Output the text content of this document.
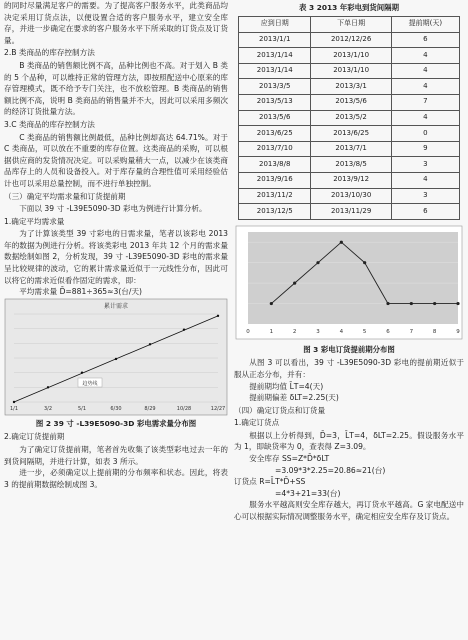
的同时尽量满足客户的需要。为了提高客户服务水平，此类商品均决定采用订货点法，以便设置合适的客户服务水平，建立安全库存，并进一步确定在要求的客户服务水平下所采取的订货点及订货量。

2.B 类商品的库存控制方法

B 类商品的销售额比例不高，品种比例也不高。对于划入 B 类的 5 个品种，可以维持正常的管理方法，即按照配送中心原来的库存管理模式，既不给予专门关注，也不放松管理。B 类商品的销售额比例不高，说明 B 类商品的销售量并不大，因此可以采用多频次的经济订货批量方法。

3.C 类商品的库存控制方法

C 类商品的销售额比例最低，品种比例却高达 64.71%。对于 C 类商品，可以放在不重要的库存位置。这类商品的采购，可以根据供应商的发货情况决定。可以采购量稍大一点，以减少在该类商品库存上的人员和设备投入。对于库存量的合理性值可采用经验估计也可以采用总量控制，而不进行单独控制。

（三）确定平均需求量和订货提前期

下面以 39 寸 -L39E5090-3D 彩电为例进行计算分析。

1.确定平均需求量

为了计算该类型 39 寸彩电的日需求量，笔者以该彩电 2013 年的数据为例进行分析。将该类彩电 2013 年共 12 个月的需求量数据绘制如图 2，分析发现，39 寸 -L39E5090-3D 彩电的需求量呈比较规律的波动，它的累计需求量近似于一元线性分布，因此可以将它的需求近似看作固定的需求，即：

平均需求量 D̄=881÷365≈3(台/天)

累计需求
趋势线
1/1	3/2	5/1	6/30	8/29	10/28	12/27
图 2 39 寸 -L39E5090-3D 彩电需求量分布图

2.确定订货提前期

为了确定订货提前期，笔者首先收集了该类型彩电过去一年的到货间隔期，并进行计算，如表 3 所示。

进一步，必须确定以上提前期的分布频率和状态。因此，将表 3 的提前期数据绘制成图 3。

表 3 2013 年彩电到货间隔期
应到日期	下单日期	提前期(天)
2013/1/1	2012/12/26	6
2013/1/14	2013/1/10	4
2013/1/14	2013/1/10	4
2013/3/5	2013/3/1	4
2013/5/13	2013/5/6	7
2013/5/6	2013/5/2	4
2013/6/25	2013/6/25	0
2013/7/10	2013/7/1	9
2013/8/8	2013/8/5	3
2013/9/16	2013/9/12	4
2013/11/2	2013/10/30	3
2013/12/5	2013/11/29	6
0	1	2	3	4	5	6	7	8	9
图 3 彩电订货提前期分布图

从图 3 可以看出，39 寸 -L39E5090-3D 彩电的提前期近似于服从正态分布，并有：

提前期均值 L̄T=4(天)

提前期偏差 δLT=2.25(天)

（四）确定订货点和订货量

1.确定订货点

根据以上分析得到，D̄=3，L̄T=4，δLT=2.25。假设服务水平为 1，即缺货率为 0，查表得 Z=3.09。

安全库存 SS=Z*D̄*δLT

=3.09*3*2.25=20.86≈21(台)

订货点 R=L̄T*D̄+SS

=4*3+21=33(台)

服务水平越高则安全库存越大，再订货水平越高。G 家电配送中心可以根据实际情况调整服务水平，确定相应安全库存及订货点。
